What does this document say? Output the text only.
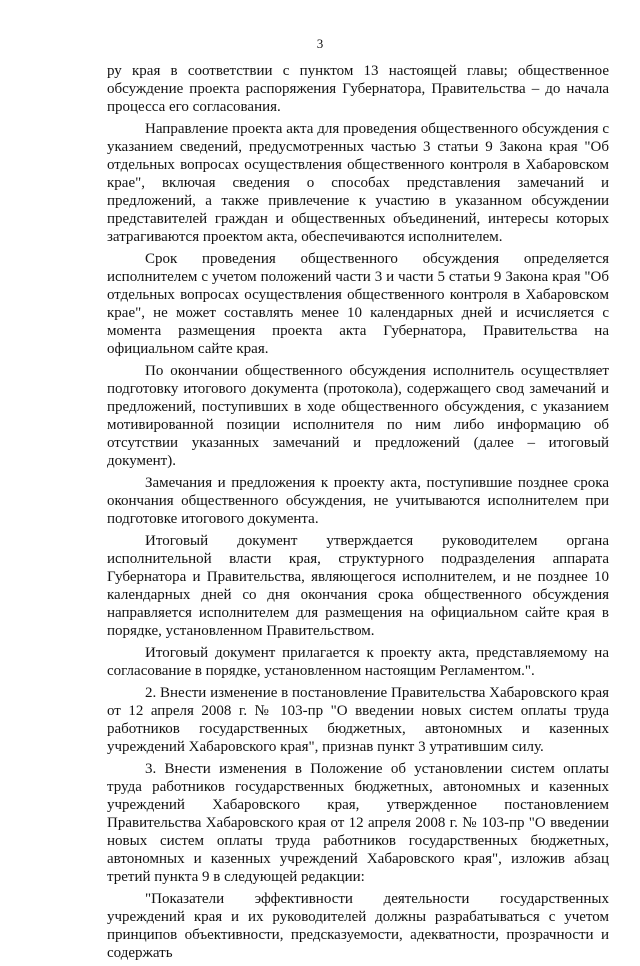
3

ру края в соответствии с пунктом 13 настоящей главы; общественное обсуждение проекта распоряжения Губернатора, Правительства – до начала процесса его согласования.

Направление проекта акта для проведения общественного обсуждения с указанием сведений, предусмотренных частью 3 статьи 9 Закона края "Об отдельных вопросах осуществления общественного контроля в Хабаровском крае", включая сведения о способах представления замечаний и предложений, а также привлечение к участию в указанном обсуждении представителей граждан и общественных объединений, интересы которых затрагиваются проектом акта, обеспечиваются исполнителем.

Срок проведения общественного обсуждения определяется исполнителем с учетом положений части 3 и части 5 статьи 9 Закона края "Об отдельных вопросах осуществления общественного контроля в Хабаровском крае", не может составлять менее 10 календарных дней и исчисляется с момента размещения проекта акта Губернатора, Правительства на официальном сайте края.

По окончании общественного обсуждения исполнитель осуществляет подготовку итогового документа (протокола), содержащего свод замечаний и предложений, поступивших в ходе общественного обсуждения, с указанием мотивированной позиции исполнителя по ним либо информацию об отсутствии указанных замечаний и предложений (далее – итоговый документ).

Замечания и предложения к проекту акта, поступившие позднее срока окончания общественного обсуждения, не учитываются исполнителем при подготовке итогового документа.

Итоговый документ утверждается руководителем органа исполнительной власти края, структурного подразделения аппарата Губернатора и Правительства, являющегося исполнителем, и не позднее 10 календарных дней со дня окончания срока общественного обсуждения направляется исполнителем для размещения на официальном сайте края в порядке, установленном Правительством.

Итоговый документ прилагается к проекту акта, представляемому на согласование в порядке, установленном настоящим Регламентом.".

2. Внести изменение в постановление Правительства Хабаровского края от 12 апреля 2008 г. № 103-пр "О введении новых систем оплаты труда работников государственных бюджетных, автономных и казенных учреждений Хабаровского края", признав пункт 3 утратившим силу.

3. Внести изменения в Положение об установлении систем оплаты труда работников государственных бюджетных, автономных и казенных учреждений Хабаровского края, утвержденное постановлением Правительства Хабаровского края от 12 апреля 2008 г. № 103-пр "О введении новых систем оплаты труда работников государственных бюджетных, автономных и казенных учреждений Хабаровского края", изложив абзац третий пункта 9 в следующей редакции:

"Показатели эффективности деятельности государственных учреждений края и их руководителей должны разрабатываться с учетом принципов объективности, предсказуемости, адекватности, прозрачности и содержать
